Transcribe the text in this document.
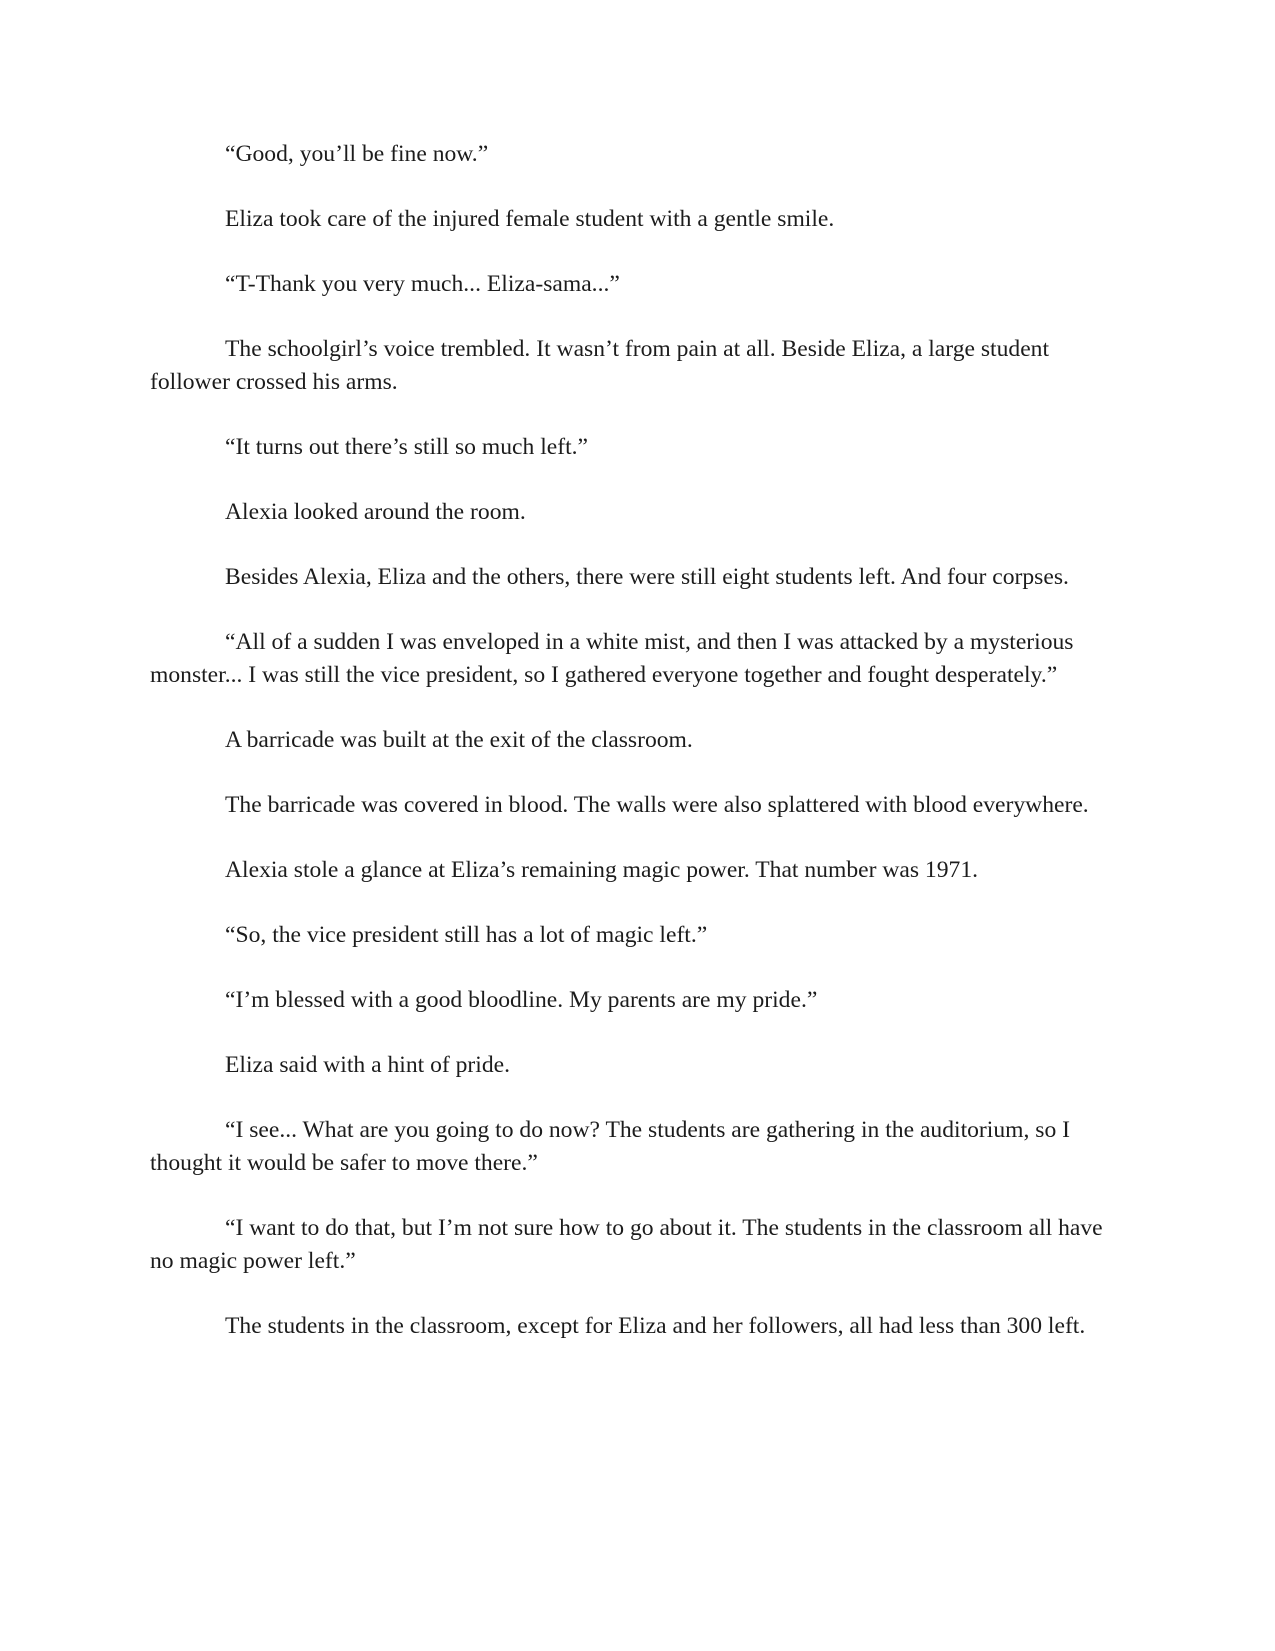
“Good, you’ll be fine now.”

Eliza took care of the injured female student with a gentle smile.

“T-Thank you very much... Eliza-sama...”

The schoolgirl’s voice trembled. It wasn’t from pain at all. Beside Eliza, a large student follower crossed his arms.

“It turns out there’s still so much left.”

Alexia looked around the room.

Besides Alexia, Eliza and the others, there were still eight students left. And four corpses.

“All of a sudden I was enveloped in a white mist, and then I was attacked by a mysterious monster... I was still the vice president, so I gathered everyone together and fought desperately.”

A barricade was built at the exit of the classroom.

The barricade was covered in blood. The walls were also splattered with blood everywhere.

Alexia stole a glance at Eliza’s remaining magic power. That number was 1971.

“So, the vice president still has a lot of magic left.”

“I’m blessed with a good bloodline. My parents are my pride.”

Eliza said with a hint of pride.

“I see... What are you going to do now? The students are gathering in the auditorium, so I thought it would be safer to move there.”

“I want to do that, but I’m not sure how to go about it. The students in the classroom all have no magic power left.”

The students in the classroom, except for Eliza and her followers, all had less than 300 left.
